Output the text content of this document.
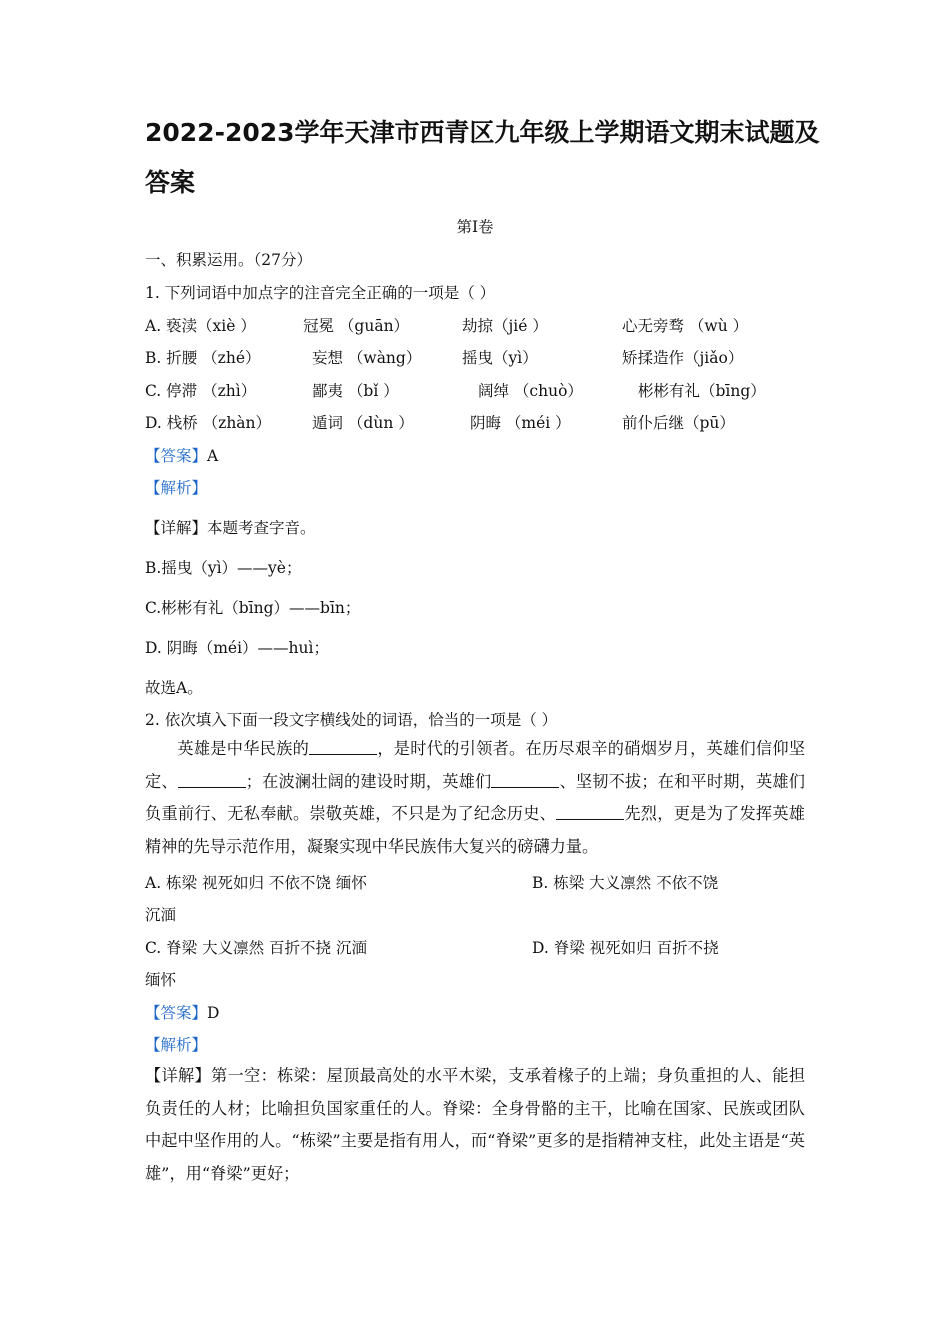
2022-2023学年天津市西青区九年级上学期语文期末试题及答案
第Ⅰ卷
一、积累运用。（27分）
1. 下列词语中加点字的注音完全正确的一项是（ ）
A. 亵渎（xiè ）	冠冕 （guān）	劫掠（jié ）	心无旁骛 （wù ）
B. 折腰 （zhé）	妄想 （wàng）	摇曳（yì）	矫揉造作（jiǎo）
C. 停滞 （zhì）	鄙夷 （bǐ ）	阔绰 （chuò）	彬彬有礼（bīng）
D. 栈桥 （zhàn）	遁词 （dùn ）	阴晦 （méi ）	前仆后继（pū）
【答案】A
【解析】
【详解】本题考查字音。
B.摇曳（yì）——yè；
C.彬彬有礼（bīng）——bīn；
D. 阴晦（méi）——huì；
故选A。
2. 依次填入下面一段文字横线处的词语，恰当的一项是（ ）
英雄是中华民族的	，是时代的引领者。在历尽艰辛的硝烟岁月，英雄们信仰坚定、	；在波澜壮阔的建设时期，英雄们	、坚韧不拔；在和平时期，英雄们负重前行、无私奉献。崇敬英雄，不只是为了纪念历史、	先烈，更是为了发挥英雄精神的先导示范作用，凝聚实现中华民族伟大复兴的磅礴力量。
A. 栋梁 视死如归 不依不饶 缅怀	B. 栋梁 大义凛然 不依不饶
沉湎
C. 脊梁 大义凛然 百折不挠 沉湎	D. 脊梁 视死如归 百折不挠
缅怀
【答案】D
【解析】
【详解】第一空：栋梁：屋顶最高处的水平木梁，支承着椽子的上端；身负重担的人、能担负责任的人材；比喻担负国家重任的人。脊梁：全身骨骼的主干，比喻在国家、民族或团队中起中坚作用的人。“栋梁”主要是指有用人，而“脊梁”更多的是指精神支柱，此处主语是“英雄”，用“脊梁”更好；
